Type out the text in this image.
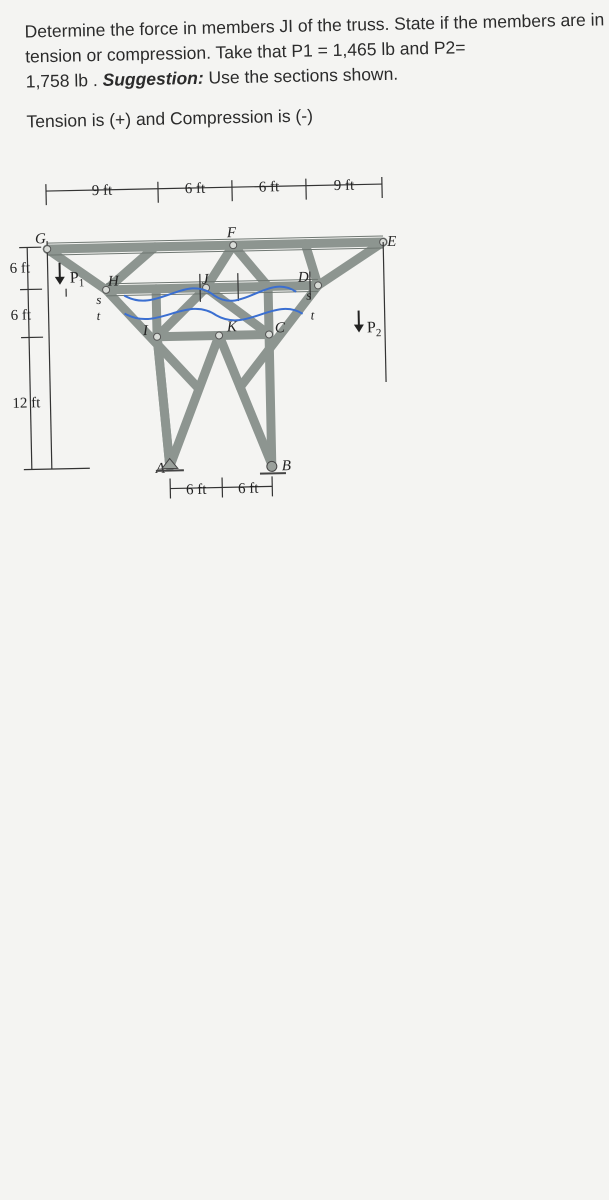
Determine the force in members JI of the truss. State if the members are in
tension or compression. Take that P1 = 1,465 lb and P2=
1,758 lb . Suggestion: Use the sections shown.
Tension is (+) and Compression is (-)
9 ft	6 ft	6 ft	9 ft
6 ft
6 ft
12 ft
$P_1$
$P_2$
G	F
E
H	J	D
I	K	C
A	B
s	s
t	t
6 ft 6 ft
